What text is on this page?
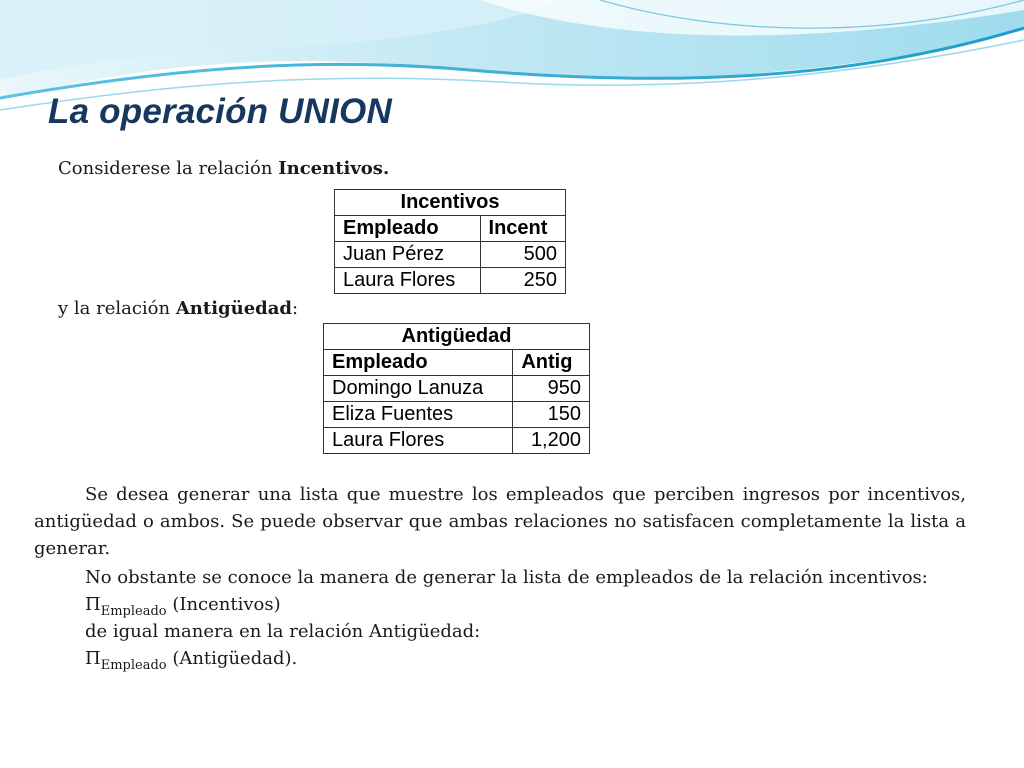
La operación UNION

Considerese la relación Incentivos.

Incentivos	
Empleado	Incent
Juan Pérez	500
Laura Flores	250

y la relación Antigüedad:

Antigüedad	
Empleado	Antig
Domingo Lanuza	950
Eliza Fuentes	150
Laura Flores	1,200

Se desea generar una lista que muestre los empleados que perciben ingresos por incentivos, antigüedad o ambos. Se puede observar que ambas relaciones no satisfacen completamente la lista a generar.

No obstante se conoce la manera de generar la lista de empleados de la relación incentivos:

$\Pi_{Empleado}$ (Incentivos)

de igual manera en la relación Antigüedad:

$\Pi_{Empleado}$ (Antigüedad).
